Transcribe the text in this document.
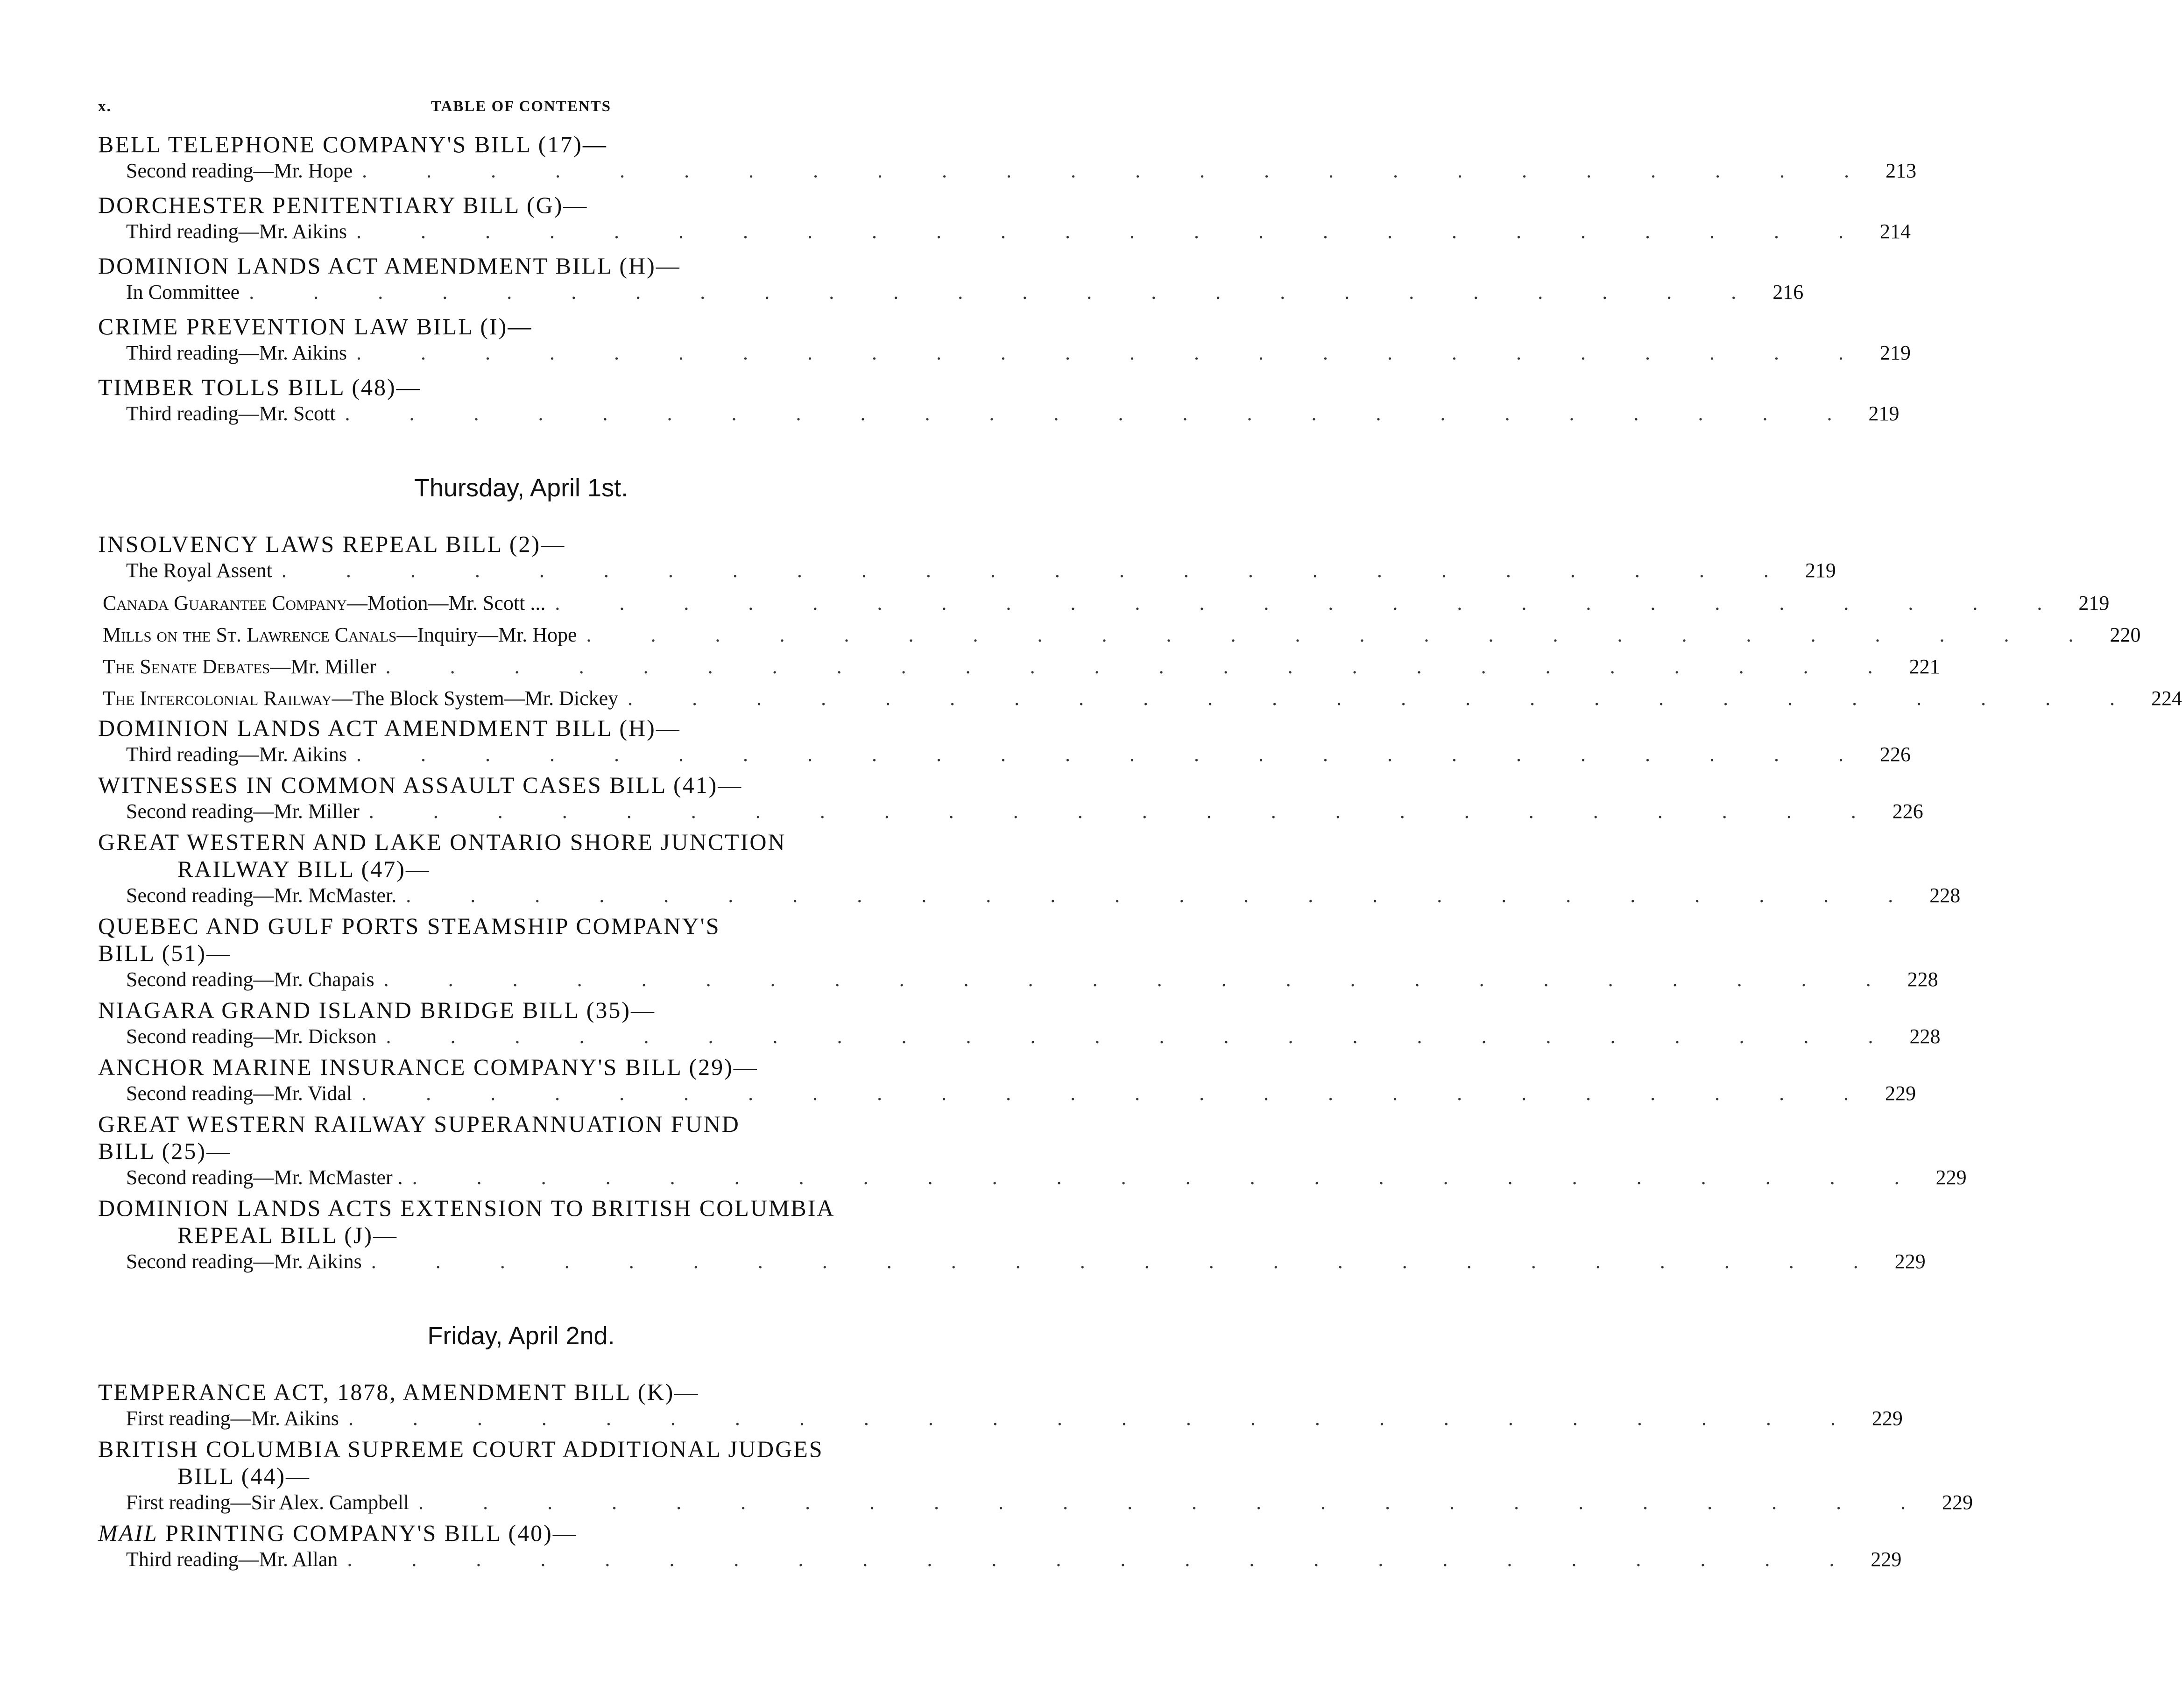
x.	TABLE OF CONTENTS
BELL TELEPHONE COMPANY'S BILL (17)—
Second reading—Mr. Hope . . . . . . . . . . . . . . . . . . . . . . . . 213
DORCHESTER PENITENTIARY BILL (G)—
Third reading—Mr. Aikins . . . . . . . . . . . . . . . . . . . . . . . . 214
DOMINION LANDS ACT AMENDMENT BILL (H)—
In Committee . . . . . . . . . . . . . . . . . . . . . . . . 216
CRIME PREVENTION LAW BILL (I)—
Third reading—Mr. Aikins . . . . . . . . . . . . . . . . . . . . . . . . 219
TIMBER TOLLS BILL (48)—
Third reading—Mr. Scott . . . . . . . . . . . . . . . . . . . . . . . . 219
Thursday, April 1st.
INSOLVENCY LAWS REPEAL BILL (2)—
The Royal Assent . . . . . . . . . . . . . . . . . . . . . . . . 219
Canada Guarantee Company—Motion—Mr. Scott ... . . . . . . . . . . . . . . . . . . . . . . . . 219
Mills on the St. Lawrence Canals—Inquiry—Mr. Hope . . . . . . . . . . . . . . . . . . . . . . . . 220
The Senate Debates—Mr. Miller . . . . . . . . . . . . . . . . . . . . . . . . 221
The Intercolonial Railway—The Block System—Mr. Dickey . . . . . . . . . . . . . . . . . . . . . . . . 224
DOMINION LANDS ACT AMENDMENT BILL (H)—
Third reading—Mr. Aikins . . . . . . . . . . . . . . . . . . . . . . . . 226
WITNESSES IN COMMON ASSAULT CASES BILL (41)—
Second reading—Mr. Miller . . . . . . . . . . . . . . . . . . . . . . . . 226
GREAT WESTERN AND LAKE ONTARIO SHORE JUNCTION
RAILWAY BILL (47)—
Second reading—Mr. McMaster. . . . . . . . . . . . . . . . . . . . . . . . . 228
QUEBEC AND GULF PORTS STEAMSHIP COMPANY'S
BILL (51)—
Second reading—Mr. Chapais . . . . . . . . . . . . . . . . . . . . . . . . 228
NIAGARA GRAND ISLAND BRIDGE BILL (35)—
Second reading—Mr. Dickson . . . . . . . . . . . . . . . . . . . . . . . . 228
ANCHOR MARINE INSURANCE COMPANY'S BILL (29)—
Second reading—Mr. Vidal . . . . . . . . . . . . . . . . . . . . . . . . 229
GREAT WESTERN RAILWAY SUPERANNUATION FUND
BILL (25)—
Second reading—Mr. McMaster . . . . . . . . . . . . . . . . . . . . . . . . . 229
DOMINION LANDS ACTS EXTENSION TO BRITISH COLUMBIA
REPEAL BILL (J)—
Second reading—Mr. Aikins . . . . . . . . . . . . . . . . . . . . . . . . 229
Friday, April 2nd.
TEMPERANCE ACT, 1878, AMENDMENT BILL (K)—
First reading—Mr. Aikins . . . . . . . . . . . . . . . . . . . . . . . . 229
BRITISH COLUMBIA SUPREME COURT ADDITIONAL JUDGES
BILL (44)—
First reading—Sir Alex. Campbell . . . . . . . . . . . . . . . . . . . . . . . . 229
MAIL PRINTING COMPANY'S BILL (40)—
Third reading—Mr. Allan . . . . . . . . . . . . . . . . . . . . . . . . 229
